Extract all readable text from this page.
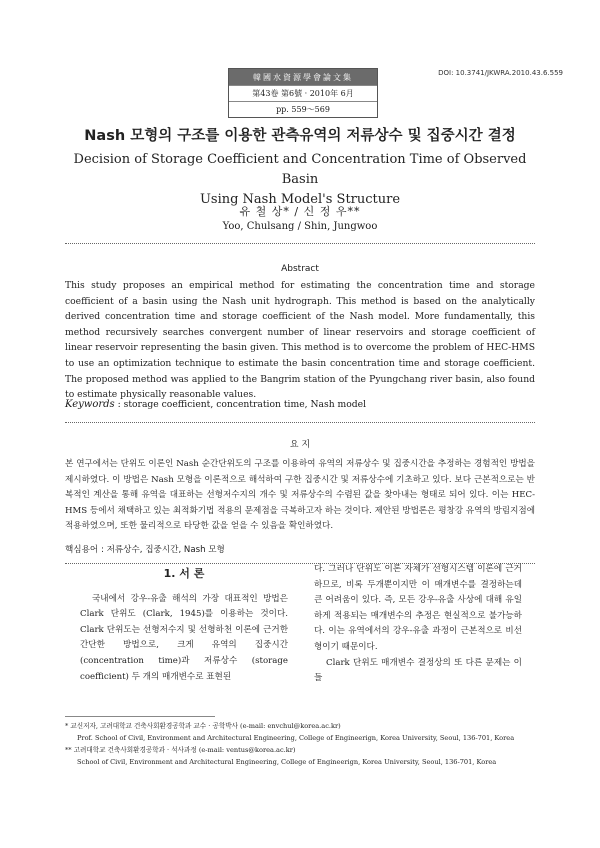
韓國水資源學會論文集
第43卷 第6號 · 2010年 6月
pp. 559～569
DOI: 10.3741/JKWRA.2010.43.6.559
Nash 모형의 구조를 이용한 관측유역의 저류상수 및 집중시간 결정
Decision of Storage Coefficient and Concentration Time of Observed Basin
Using Nash Model's Structure
유 철 상* / 신 정 우**
Yoo, Chulsang / Shin, Jungwoo
Abstract
This study proposes an empirical method for estimating the concentration time and storage coefficient of a basin using the Nash unit hydrograph. This method is based on the analytically derived concentration time and storage coefficient of the Nash model. More fundamentally, this method recursively searches convergent number of linear reservoirs and storage coefficient of linear reservoir representing the basin given. This method is to overcome the problem of HEC-HMS to use an optimization technique to estimate the basin concentration time and storage coefficient. The proposed method was applied to the Bangrim station of the Pyungchang river basin, also found to estimate physically reasonable values.
Keywords : storage coefficient, concentration time, Nash model
요 지
본 연구에서는 단위도 이론인 Nash 순간단위도의 구조를 이용하여 유역의 저류상수 및 집중시간을 추정하는 경험적인 방법을 제시하였다. 이 방법은 Nash 모형을 이론적으로 해석하여 구한 집중시간 및 저류상수에 기초하고 있다. 보다 근본적으로는 반복적인 계산을 통해 유역을 대표하는 선형저수지의 개수 및 저류상수의 수렴된 값을 찾아내는 형태로 되어 있다. 이는 HEC-HMS 등에서 채택하고 있는 최적화기법 적용의 문제점을 극복하고자 하는 것이다. 제안된 방법론은 평창강 유역의 방림지점에 적용하였으며, 또한 물리적으로 타당한 값을 얻을 수 있음을 확인하였다.
핵심용어 : 저류상수, 집중시간, Nash 모형
1. 서 론

국내에서 강우-유출 해석의 가장 대표적인 방법은 Clark 단위도 (Clark, 1945)를 이용하는 것이다. Clark 단위도는 선형저수지 및 선형하천 이론에 근거한 간단한 방법으로, 크게 유역의 집중시간 (concentration time)과 저류상수 (storage coefficient) 두 개의 매개변수로 표현된

다. 그러나 단위도 이론 자체가 선형시스템 이론에 근거하므로, 비록 두개뿐이지만 이 매개변수를 결정하는데 큰 어려움이 있다. 즉, 모든 강우-유출 사상에 대해 유일하게 적용되는 매개변수의 추정은 현실적으로 불가능하다. 이는 유역에서의 강우-유출 과정이 근본적으로 비선형이기 때문이다.

Clark 단위도 매개변수 결정상의 또 다른 문제는 이들

* 교신저자, 고려대학교 건축사회환경공학과 교수 · 공학박사 (e-mail: envchul@korea.ac.kr)
Prof. School of Civil, Environment and Architectural Engineering, College of Engineerign, Korea University, Seoul, 136-701, Korea
** 고려대학교 건축사회환경공학과 · 석사과정 (e-mail: ventus@korea.ac.kr)
School of Civil, Environment and Architectural Engineering, College of Engineerign, Korea University, Seoul, 136-701, Korea
